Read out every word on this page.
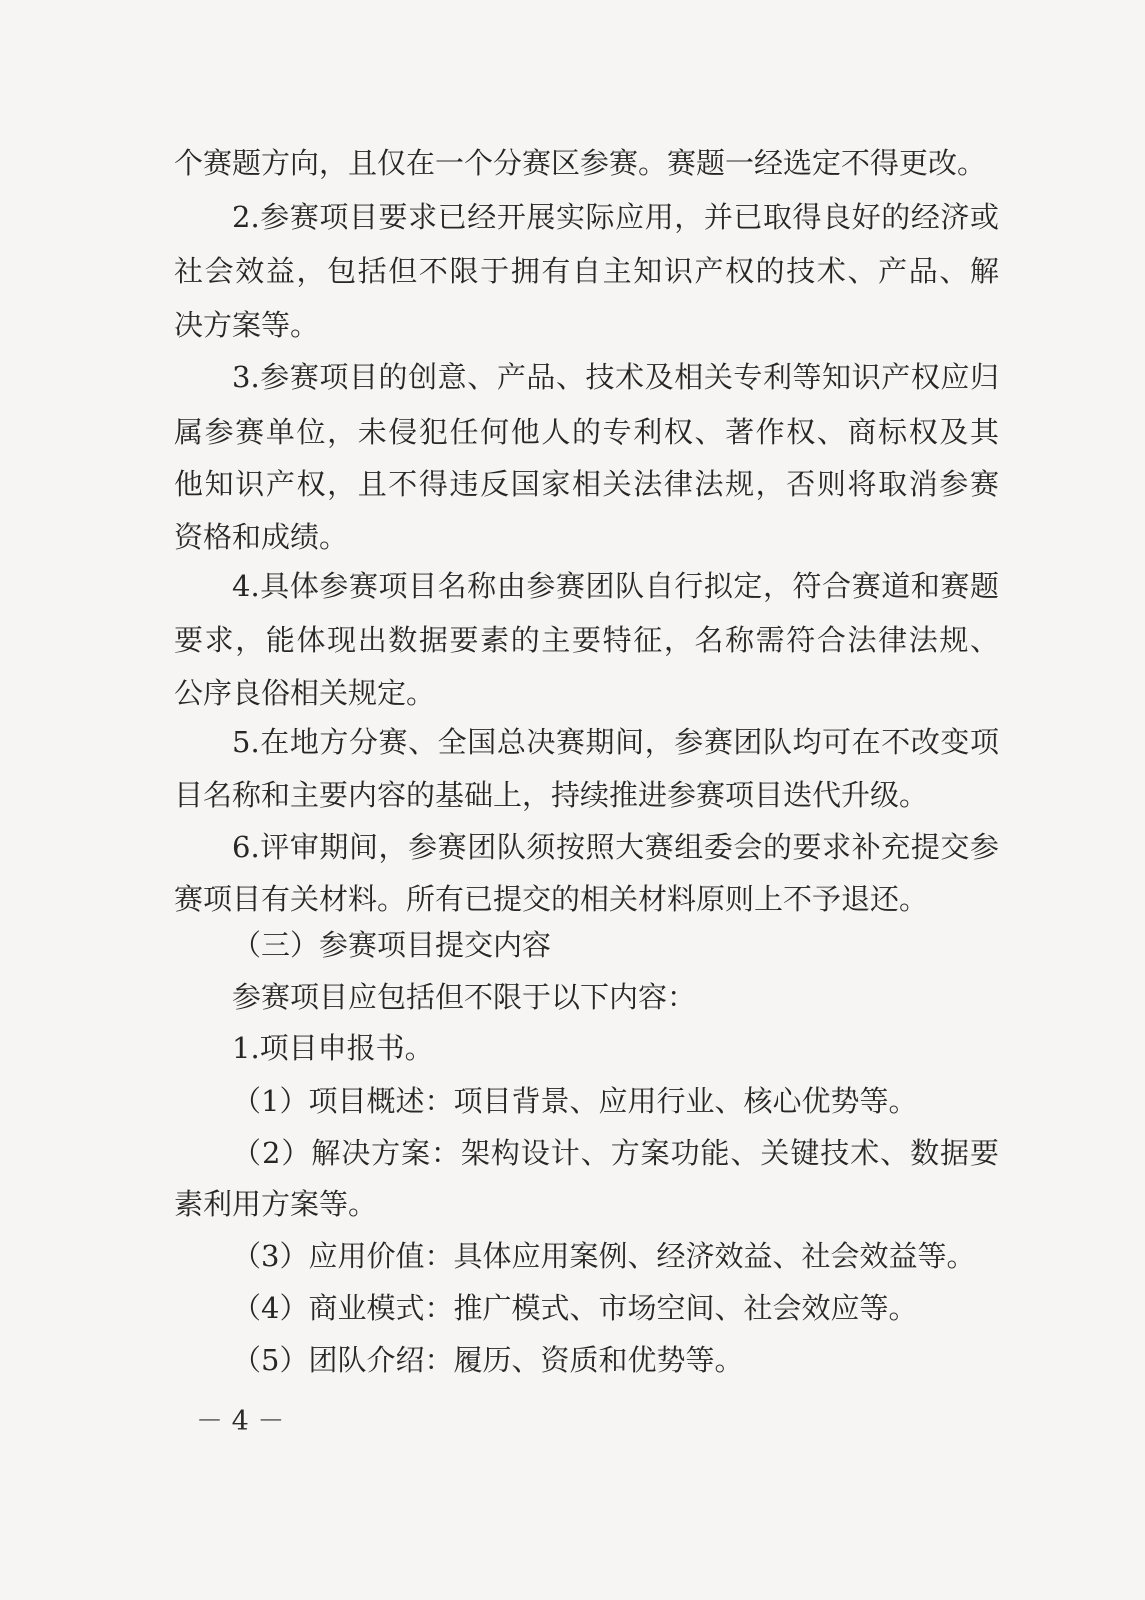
个赛题方向，且仅在一个分赛区参赛。赛题一经选定不得更改。
2.参赛项目要求已经开展实际应用，并已取得良好的经济或
社会效益，包括但不限于拥有自主知识产权的技术、产品、解
决方案等。
3.参赛项目的创意、产品、技术及相关专利等知识产权应归
属参赛单位，未侵犯任何他人的专利权、著作权、商标权及其
他知识产权，且不得违反国家相关法律法规，否则将取消参赛
资格和成绩。
4.具体参赛项目名称由参赛团队自行拟定，符合赛道和赛题
要求，能体现出数据要素的主要特征，名称需符合法律法规、
公序良俗相关规定。
5.在地方分赛、全国总决赛期间，参赛团队均可在不改变项
目名称和主要内容的基础上，持续推进参赛项目迭代升级。
6.评审期间，参赛团队须按照大赛组委会的要求补充提交参
赛项目有关材料。所有已提交的相关材料原则上不予退还。
（三）参赛项目提交内容
参赛项目应包括但不限于以下内容：
1.项目申报书。
（1）项目概述：项目背景、应用行业、核心优势等。
（2）解决方案：架构设计、方案功能、关键技术、数据要
素利用方案等。
（3）应用价值：具体应用案例、经济效益、社会效益等。
（4）商业模式：推广模式、市场空间、社会效应等。
（5）团队介绍：履历、资质和优势等。
－ 4 －
